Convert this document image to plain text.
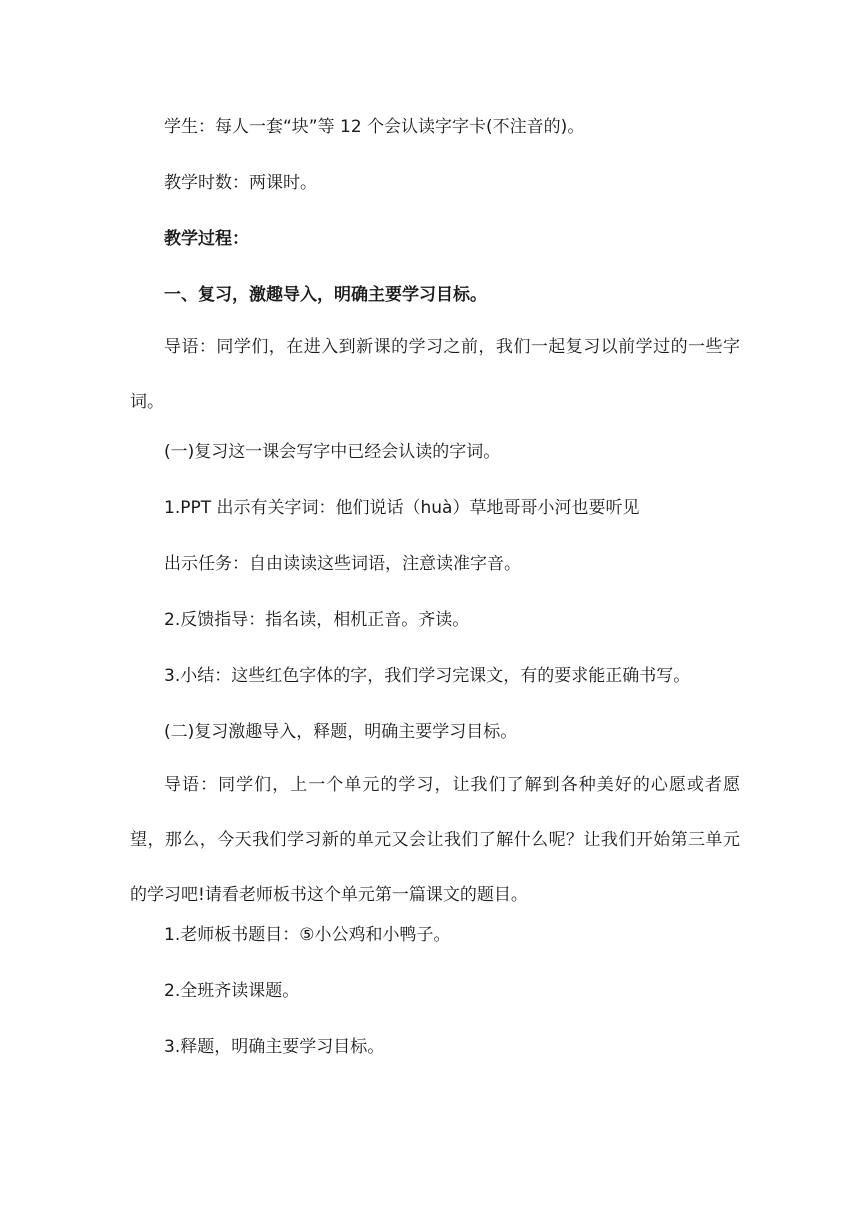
学生：每人一套“块”等 12 个会认读字字卡(不注音的)。
教学时数：两课时。
教学过程：
一、复习，激趣导入，明确主要学习目标。
导语：同学们，在进入到新课的学习之前，我们一起复习以前学过的一些字词。
(一)复习这一课会写字中已经会认读的字词。
1.PPT 出示有关字词：他们说话（huà）草地哥哥小河也要听见
出示任务：自由读读这些词语，注意读准字音。
2.反馈指导：指名读，相机正音。齐读。
3.小结：这些红色字体的字，我们学习完课文，有的要求能正确书写。
(二)复习激趣导入，释题，明确主要学习目标。
导语：同学们，上一个单元的学习，让我们了解到各种美好的心愿或者愿望，那么，今天我们学习新的单元又会让我们了解什么呢？让我们开始第三单元的学习吧!请看老师板书这个单元第一篇课文的题目。
1.老师板书题目：⑤小公鸡和小鸭子。
2.全班齐读课题。
3.释题，明确主要学习目标。
